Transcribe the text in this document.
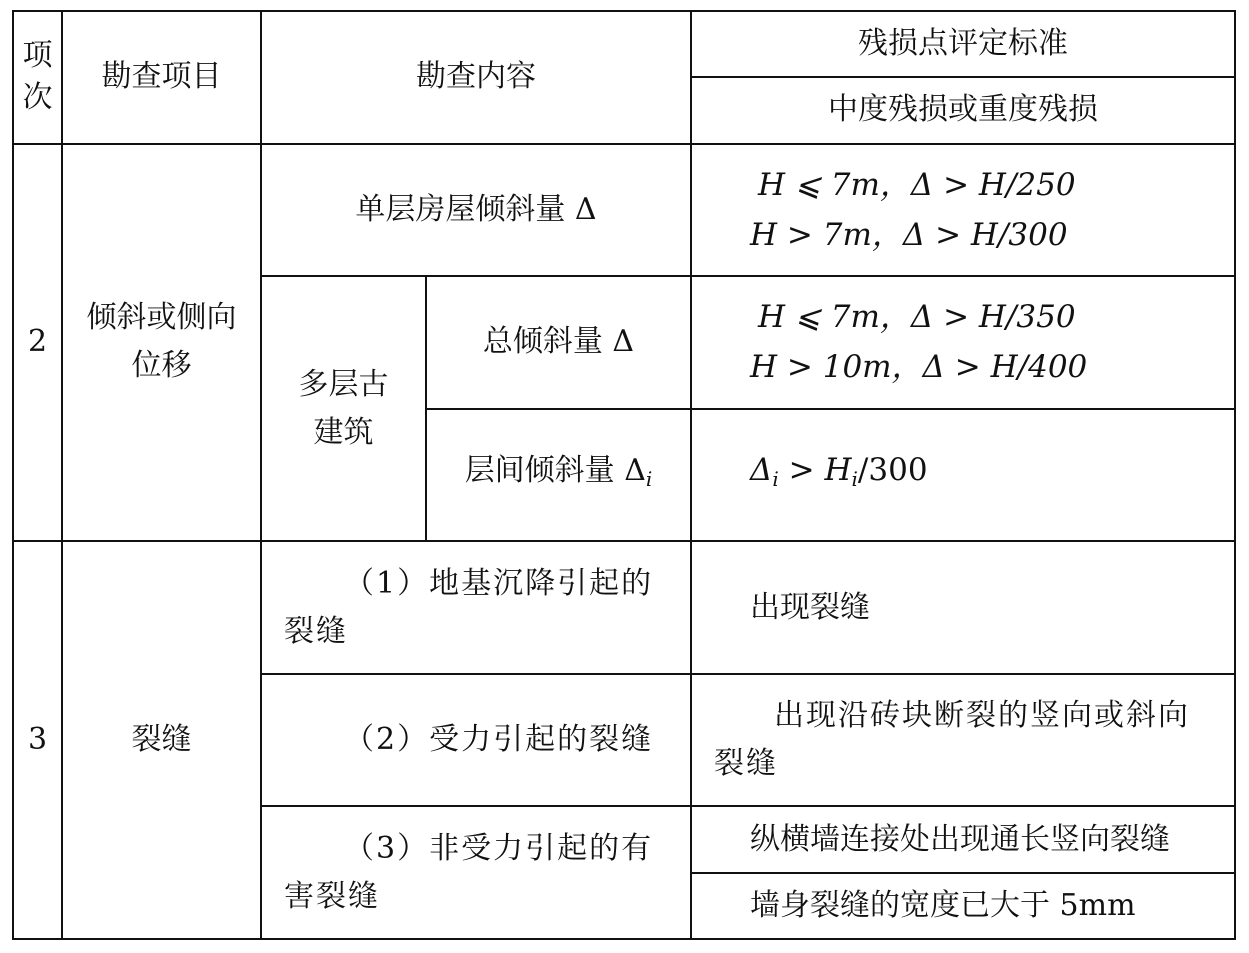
项次	勘查项目	勘查内容		残损点评定标准
				中度残损或重度残损
2	倾斜或侧向位移	单层房屋倾斜量 Δ		H ⩽ 7m，Δ > H/250
H > 7m，Δ > H/300

		多层古建筑	总倾斜量 Δ	H ⩽ 7m，Δ > H/350
H > 10m，Δ > H/400

			层间倾斜量 $\Delta_i$	$\Delta_i > H_i/300$
3	裂缝	（1）地基沉降引起的裂缝		出现裂缝
		（2）受力引起的裂缝		出现沿砖块断裂的竖向或斜向裂缝
		（3）非受力引起的有害裂缝		纵横墙连接处出现通长竖向裂缝
				墙身裂缝的宽度已大于 5mm
